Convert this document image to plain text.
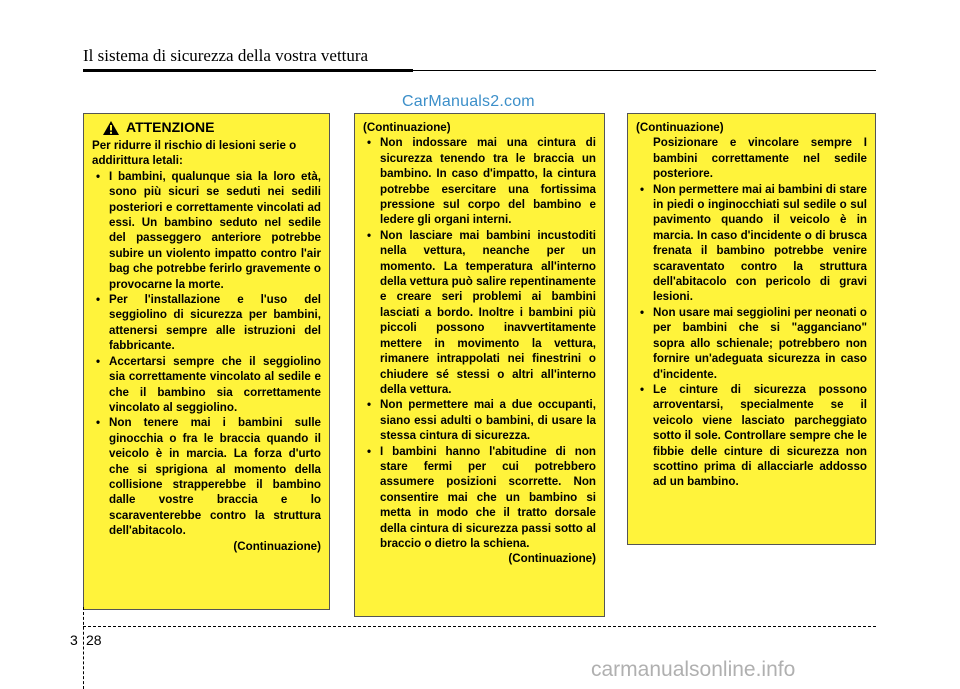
Il sistema di sicurezza della vostra vettura
CarManuals2.com
ATTENZIONE

Per ridurre il rischio di lesioni serie o addirittura letali:

• I bambini, qualunque sia la loro età, sono più sicuri se seduti nei sedili posteriori e correttamente vincolati ad essi. Un bambino seduto nel sedile del passeggero anteriore potrebbe subire un violento impatto contro l'air bag che potrebbe ferirlo gravemente o provocarne la morte.

• Per l'installazione e l'uso del seggiolino di sicurezza per bambini, attenersi sempre alle istruzioni del fabbricante.

• Accertarsi sempre che il seggiolino sia correttamente vincolato al sedile e che il bambino sia correttamente vincolato al seggiolino.

• Non tenere mai i bambini sulle ginocchia o fra le braccia quando il veicolo è in marcia. La forza d'urto che si sprigiona al momento della collisione strapperebbe il bambino dalle vostre braccia e lo scaraventerebbe contro la struttura dell'abitacolo.

(Continuazione)

(Continuazione)

• Non indossare mai una cintura di sicurezza tenendo tra le braccia un bambino. In caso d'impatto, la cintura potrebbe esercitare una fortissima pressione sul corpo del bambino e ledere gli organi interni.

• Non lasciare mai bambini incustoditi nella vettura, neanche per un momento. La temperatura all'interno della vettura può salire repentinamente e creare seri problemi ai bambini lasciati a bordo. Inoltre i bambini più piccoli possono inavvertitamente mettere in movimento la vettura, rimanere intrappolati nei finestrini o chiudere sé stessi o altri all'interno della vettura.

• Non permettere mai a due occupanti, siano essi adulti o bambini, di usare la stessa cintura di sicurezza.

• I bambini hanno l'abitudine di non stare fermi per cui potrebbero assumere posizioni scorrette. Non consentire mai che un bambino si metta in modo che il tratto dorsale della cintura di sicurezza passi sotto al braccio o dietro la schiena.

(Continuazione)

(Continuazione)

Posizionare e vincolare sempre I bambini correttamente nel sedile posteriore.

• Non permettere mai ai bambini di stare in piedi o inginocchiati sul sedile o sul pavimento quando il veicolo è in marcia. In caso d'incidente o di brusca frenata il bambino potrebbe venire scaraventato contro la struttura dell'abitacolo con pericolo di gravi lesioni.

• Non usare mai seggiolini per neonati o per bambini che si "agganciano" sopra allo schienale; potrebbero non fornire un'adeguata sicurezza in caso d'incidente.

• Le cinture di sicurezza possono arroventarsi, specialmente se il veicolo viene lasciato parcheggiato sotto il sole. Controllare sempre che le fibbie delle cinture di sicurezza non scottino prima di allacciarle addosso ad un bambino.

3 28
carmanualsonline.info
